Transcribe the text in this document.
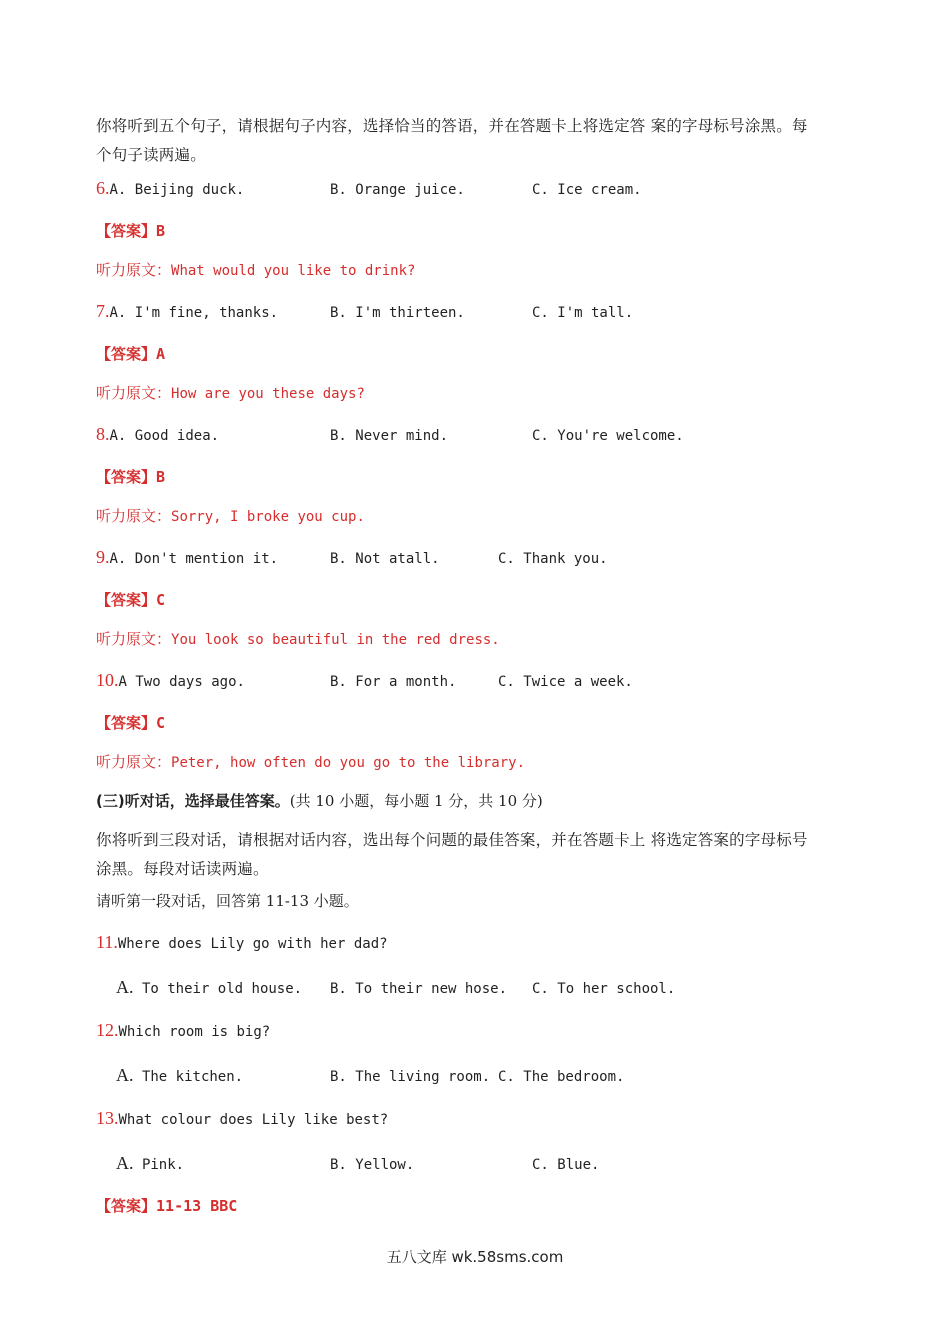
你将听到五个句子，请根据句子内容，选择恰当的答语，并在答题卡上将选定答 案的字母标号涂黑。每
个句子读两遍。
6.A. Beijing duck.	B. Orange juice.	C. Ice cream.
【答案】B
听力原文：What would you like to drink?
7.A. I'm fine, thanks.	B. I'm thirteen.	C. I'm tall.
【答案】A
听力原文：How are you these days?
8.A. Good idea.	B. Never mind.	C. You're welcome.
【答案】B
听力原文：Sorry, I broke you cup.
9.A. Don't mention it.	B. Not atall.	C. Thank you.
【答案】C
听力原文：You look so beautiful in the red dress.
10.A Two days ago.	B. For a month.	C. Twice a week.
【答案】C
听力原文：Peter, how often do you go to the library.
(三)听对话，选择最佳答案。(共 10 小题，每小题 1 分，共 10 分)
你将听到三段对话，请根据对话内容，选出每个问题的最佳答案，并在答题卡上 将选定答案的字母标号
涂黑。每段对话读两遍。
请听第一段对话，回答第 11-13 小题。
11.Where does Lily go with her dad?
A. To their old house. B. To their new hose. C. To her school.
12.Which room is big?
A. The kitchen.	B. The living room. C. The bedroom.
13.What colour does Lily like best?
A. Pink.	B. Yellow.	C. Blue.
【答案】11-13 BBC
五八文库 wk.58sms.com
